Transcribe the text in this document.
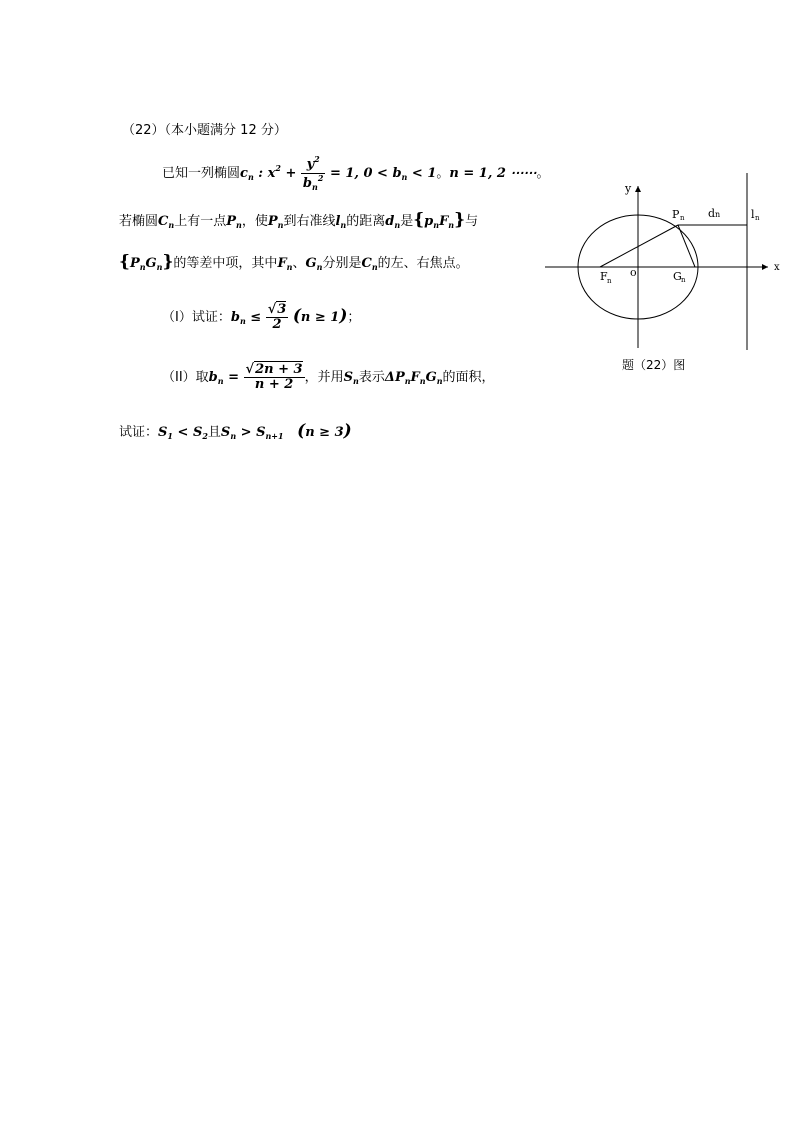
（22）（本小题满分 12 分）
已知一列椭圆$c_n$ : $x^2 + \frac{y^2}{b_n^2} = 1$, $0 < b_n < 1$。n = 1, 2 ⋯⋯。
若椭圆$C_n$上有一点$P_n$，使$P_n$到右准线$l_n$的距离$d_n$是$\{p_nF_n\}$与
$\{P_nG_n\}$的等差中项，其中$F_n$、$G_n$分别是$C_n$的左、右焦点。
（I）试证：$b_n \le \frac{√3}{2} (n \ge 1)$；
（II）取$b_n = \frac{√2n + 3}{n + 2}$ ，并用$S_n$表示$\Delta P_nF_nG_n$的面积，
试证：$S_1 < S_2$且$S_n > S_{n+1}$ (n ≥ 3)
y
x
o
P n
F n	G n
d n	l n
题（22）图
